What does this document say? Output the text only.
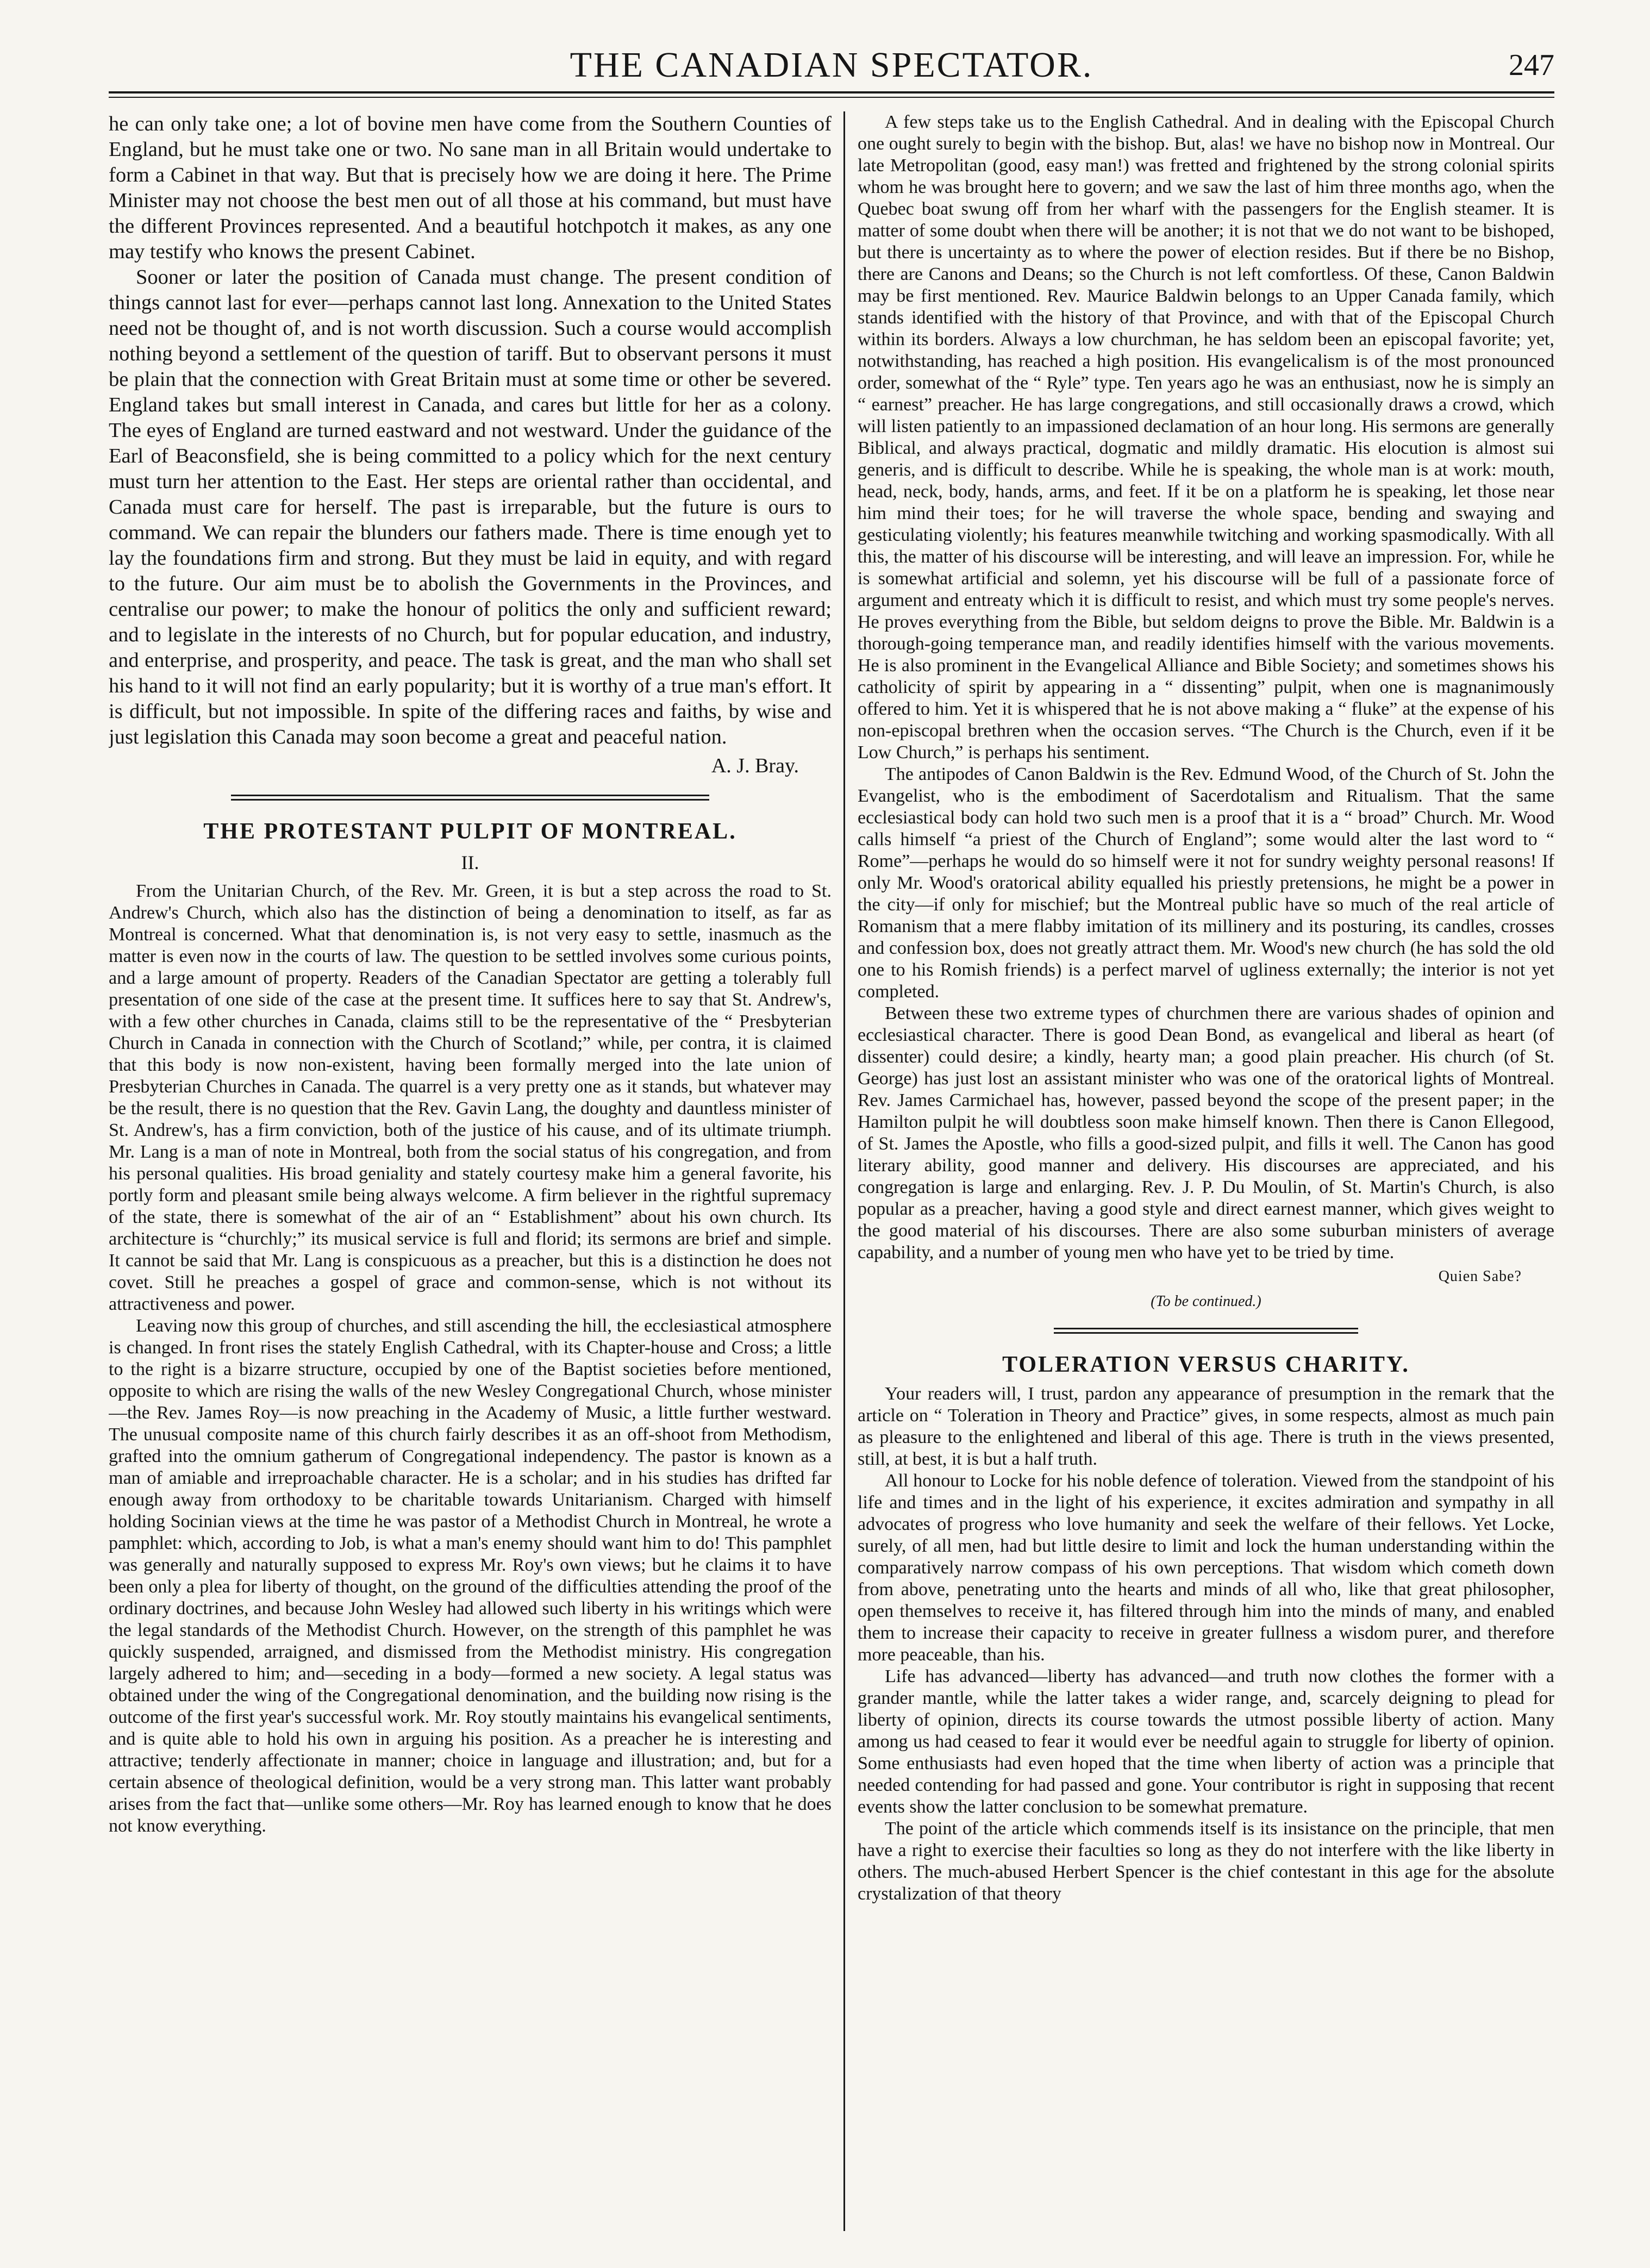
THE CANADIAN SPECTATOR.	247

he can only take one; a lot of bovine men have come from the Southern Counties of England, but he must take one or two. No sane man in all Britain would undertake to form a Cabinet in that way. But that is precisely how we are doing it here. The Prime Minister may not choose the best men out of all those at his command, but must have the different Provinces represented. And a beautiful hotchpotch it makes, as any one may testify who knows the present Cabinet.

Sooner or later the position of Canada must change. The present condition of things cannot last for ever—perhaps cannot last long. Annexation to the United States need not be thought of, and is not worth discussion. Such a course would accomplish nothing beyond a settlement of the question of tariff. But to observant persons it must be plain that the connection with Great Britain must at some time or other be severed. England takes but small interest in Canada, and cares but little for her as a colony. The eyes of England are turned eastward and not westward. Under the guidance of the Earl of Beaconsfield, she is being committed to a policy which for the next century must turn her attention to the East. Her steps are oriental rather than occidental, and Canada must care for herself. The past is irreparable, but the future is ours to command. We can repair the blunders our fathers made. There is time enough yet to lay the foundations firm and strong. But they must be laid in equity, and with regard to the future. Our aim must be to abolish the Governments in the Provinces, and centralise our power; to make the honour of politics the only and sufficient reward; and to legislate in the interests of no Church, but for popular education, and industry, and enterprise, and prosperity, and peace. The task is great, and the man who shall set his hand to it will not find an early popularity; but it is worthy of a true man's effort. It is difficult, but not impossible. In spite of the differing races and faiths, by wise and just legislation this Canada may soon become a great and peaceful nation.

A. J. Bray.
THE PROTESTANT PULPIT OF MONTREAL.
II.

From the Unitarian Church, of the Rev. Mr. Green, it is but a step across the road to St. Andrew's Church, which also has the distinction of being a denomination to itself, as far as Montreal is concerned. What that denomination is, is not very easy to settle, inasmuch as the matter is even now in the courts of law. The question to be settled involves some curious points, and a large amount of property. Readers of the Canadian Spectator are getting a tolerably full presentation of one side of the case at the present time. It suffices here to say that St. Andrew's, with a few other churches in Canada, claims still to be the representative of the “ Presbyterian Church in Canada in connection with the Church of Scotland;” while, per contra, it is claimed that this body is now non-existent, having been formally merged into the late union of Presbyterian Churches in Canada. The quarrel is a very pretty one as it stands, but whatever may be the result, there is no question that the Rev. Gavin Lang, the doughty and dauntless minister of St. Andrew's, has a firm conviction, both of the justice of his cause, and of its ultimate triumph. Mr. Lang is a man of note in Montreal, both from the social status of his congregation, and from his personal qualities. His broad geniality and stately courtesy make him a general favorite, his portly form and pleasant smile being always welcome. A firm believer in the rightful supremacy of the state, there is somewhat of the air of an “ Establishment” about his own church. Its architecture is “churchly;” its musical service is full and florid; its sermons are brief and simple. It cannot be said that Mr. Lang is conspicuous as a preacher, but this is a distinction he does not covet. Still he preaches a gospel of grace and common-sense, which is not without its attractiveness and power.

Leaving now this group of churches, and still ascending the hill, the ecclesiastical atmosphere is changed. In front rises the stately English Cathedral, with its Chapter-house and Cross; a little to the right is a bizarre structure, occupied by one of the Baptist societies before mentioned, opposite to which are rising the walls of the new Wesley Congregational Church, whose minister—the Rev. James Roy—is now preaching in the Academy of Music, a little further westward. The unusual composite name of this church fairly describes it as an off-shoot from Methodism, grafted into the omnium gatherum of Congregational independency. The pastor is known as a man of amiable and irreproachable character. He is a scholar; and in his studies has drifted far enough away from orthodoxy to be charitable towards Unitarianism. Charged with himself holding Socinian views at the time he was pastor of a Methodist Church in Montreal, he wrote a pamphlet: which, according to Job, is what a man's enemy should want him to do! This pamphlet was generally and naturally supposed to express Mr. Roy's own views; but he claims it to have been only a plea for liberty of thought, on the ground of the difficulties attending the proof of the ordinary doctrines, and because John Wesley had allowed such liberty in his writings which were the legal standards of the Methodist Church. However, on the strength of this pamphlet he was quickly suspended, arraigned, and dismissed from the Methodist ministry. His congregation largely adhered to him; and—seceding in a body—formed a new society. A legal status was obtained under the wing of the Congregational denomination, and the building now rising is the outcome of the first year's successful work. Mr. Roy stoutly maintains his evangelical sentiments, and is quite able to hold his own in arguing his position. As a preacher he is interesting and attractive; tenderly affectionate in manner; choice in language and illustration; and, but for a certain absence of theological definition, would be a very strong man. This latter want probably arises from the fact that—unlike some others—Mr. Roy has learned enough to know that he does not know everything.

A few steps take us to the English Cathedral. And in dealing with the Episcopal Church one ought surely to begin with the bishop. But, alas! we have no bishop now in Montreal. Our late Metropolitan (good, easy man!) was fretted and frightened by the strong colonial spirits whom he was brought here to govern; and we saw the last of him three months ago, when the Quebec boat swung off from her wharf with the passengers for the English steamer. It is matter of some doubt when there will be another; it is not that we do not want to be bishoped, but there is uncertainty as to where the power of election resides. But if there be no Bishop, there are Canons and Deans; so the Church is not left comfortless. Of these, Canon Baldwin may be first mentioned. Rev. Maurice Baldwin belongs to an Upper Canada family, which stands identified with the history of that Province, and with that of the Episcopal Church within its borders. Always a low churchman, he has seldom been an episcopal favorite; yet, notwithstanding, has reached a high position. His evangelicalism is of the most pronounced order, somewhat of the “ Ryle” type. Ten years ago he was an enthusiast, now he is simply an “ earnest” preacher. He has large congregations, and still occasionally draws a crowd, which will listen patiently to an impassioned declamation of an hour long. His sermons are generally Biblical, and always practical, dogmatic and mildly dramatic. His elocution is almost sui generis, and is difficult to describe. While he is speaking, the whole man is at work: mouth, head, neck, body, hands, arms, and feet. If it be on a platform he is speaking, let those near him mind their toes; for he will traverse the whole space, bending and swaying and gesticulating violently; his features meanwhile twitching and working spasmodically. With all this, the matter of his discourse will be interesting, and will leave an impression. For, while he is somewhat artificial and solemn, yet his discourse will be full of a passionate force of argument and entreaty which it is difficult to resist, and which must try some people's nerves. He proves everything from the Bible, but seldom deigns to prove the Bible. Mr. Baldwin is a thorough-going temperance man, and readily identifies himself with the various movements. He is also prominent in the Evangelical Alliance and Bible Society; and sometimes shows his catholicity of spirit by appearing in a “ dissenting” pulpit, when one is magnanimously offered to him. Yet it is whispered that he is not above making a “ fluke” at the expense of his non-episcopal brethren when the occasion serves. “The Church is the Church, even if it be Low Church,” is perhaps his sentiment.

The antipodes of Canon Baldwin is the Rev. Edmund Wood, of the Church of St. John the Evangelist, who is the embodiment of Sacerdotalism and Ritualism. That the same ecclesiastical body can hold two such men is a proof that it is a “ broad” Church. Mr. Wood calls himself “a priest of the Church of England”; some would alter the last word to “ Rome”—perhaps he would do so himself were it not for sundry weighty personal reasons! If only Mr. Wood's oratorical ability equalled his priestly pretensions, he might be a power in the city—if only for mischief; but the Montreal public have so much of the real article of Romanism that a mere flabby imitation of its millinery and its posturing, its candles, crosses and confession box, does not greatly attract them. Mr. Wood's new church (he has sold the old one to his Romish friends) is a perfect marvel of ugliness externally; the interior is not yet completed.

Between these two extreme types of churchmen there are various shades of opinion and ecclesiastical character. There is good Dean Bond, as evangelical and liberal as heart (of dissenter) could desire; a kindly, hearty man; a good plain preacher. His church (of St. George) has just lost an assistant minister who was one of the oratorical lights of Montreal. Rev. James Carmichael has, however, passed beyond the scope of the present paper; in the Hamilton pulpit he will doubtless soon make himself known. Then there is Canon Ellegood, of St. James the Apostle, who fills a good-sized pulpit, and fills it well. The Canon has good literary ability, good manner and delivery. His discourses are appreciated, and his congregation is large and enlarging. Rev. J. P. Du Moulin, of St. Martin's Church, is also popular as a preacher, having a good style and direct earnest manner, which gives weight to the good material of his discourses. There are also some suburban ministers of average capability, and a number of young men who have yet to be tried by time.

Quien Sabe?
(To be continued.)
TOLERATION VERSUS CHARITY.

Your readers will, I trust, pardon any appearance of presumption in the remark that the article on “ Toleration in Theory and Practice” gives, in some respects, almost as much pain as pleasure to the enlightened and liberal of this age. There is truth in the views presented, still, at best, it is but a half truth.

All honour to Locke for his noble defence of toleration. Viewed from the standpoint of his life and times and in the light of his experience, it excites admiration and sympathy in all advocates of progress who love humanity and seek the welfare of their fellows. Yet Locke, surely, of all men, had but little desire to limit and lock the human understanding within the comparatively narrow compass of his own perceptions. That wisdom which cometh down from above, penetrating unto the hearts and minds of all who, like that great philosopher, open themselves to receive it, has filtered through him into the minds of many, and enabled them to increase their capacity to receive in greater fullness a wisdom purer, and therefore more peaceable, than his.

Life has advanced—liberty has advanced—and truth now clothes the former with a grander mantle, while the latter takes a wider range, and, scarcely deigning to plead for liberty of opinion, directs its course towards the utmost possible liberty of action. Many among us had ceased to fear it would ever be needful again to struggle for liberty of opinion. Some enthusiasts had even hoped that the time when liberty of action was a principle that needed contending for had passed and gone. Your contributor is right in supposing that recent events show the latter conclusion to be somewhat premature.

The point of the article which commends itself is its insistance on the principle, that men have a right to exercise their faculties so long as they do not interfere with the like liberty in others. The much-abused Herbert Spencer is the chief contestant in this age for the absolute crystalization of that theory
